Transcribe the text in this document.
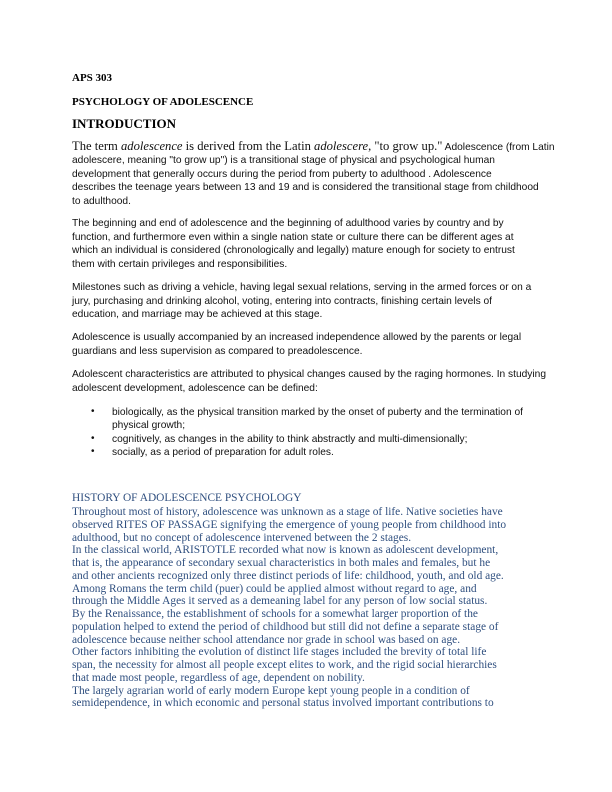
APS 303
PSYCHOLOGY OF ADOLESCENCE
INTRODUCTION
The term adolescence is derived from the Latin adolescere, "to grow up." Adolescence (from Latin
adolescere, meaning "to grow up") is a transitional stage of physical and psychological human
development that generally occurs during the period from puberty to adulthood . Adolescence
describes the teenage years between 13 and 19 and is considered the transitional stage from childhood
to adulthood.
The beginning and end of adolescence and the beginning of adulthood varies by country and by
function, and furthermore even within a single nation state or culture there can be different ages at
which an individual is considered (chronologically and legally) mature enough for society to entrust
them with certain privileges and responsibilities.
Milestones such as driving a vehicle, having legal sexual relations, serving in the armed forces or on a
jury, purchasing and drinking alcohol, voting, entering into contracts, finishing certain levels of
education, and marriage may be achieved at this stage.
Adolescence is usually accompanied by an increased independence allowed by the parents or legal
guardians and less supervision as compared to preadolescence.
Adolescent characteristics are attributed to physical changes caused by the raging hormones. In studying
adolescent development, adolescence can be defined:
• biologically, as the physical transition marked by the onset of puberty and the termination of
physical growth;
• cognitively, as changes in the ability to think abstractly and multi-dimensionally;
• socially, as a period of preparation for adult roles.
HISTORY OF ADOLESCENCE PSYCHOLOGY
Throughout most of history, adolescence was unknown as a stage of life. Native societies have
observed RITES OF PASSAGE signifying the emergence of young people from childhood into
adulthood, but no concept of adolescence intervened between the 2 stages.
In the classical world, ARISTOTLE recorded what now is known as adolescent development,
that is, the appearance of secondary sexual characteristics in both males and females, but he
and other ancients recognized only three distinct periods of life: childhood, youth, and old age.
Among Romans the term child (puer) could be applied almost without regard to age, and
through the Middle Ages it served as a demeaning label for any person of low social status.
By the Renaissance, the establishment of schools for a somewhat larger proportion of the
population helped to extend the period of childhood but still did not define a separate stage of
adolescence because neither school attendance nor grade in school was based on age.
Other factors inhibiting the evolution of distinct life stages included the brevity of total life
span, the necessity for almost all people except elites to work, and the rigid social hierarchies
that made most people, regardless of age, dependent on nobility.
The largely agrarian world of early modern Europe kept young people in a condition of
semidependence, in which economic and personal status involved important contributions to
